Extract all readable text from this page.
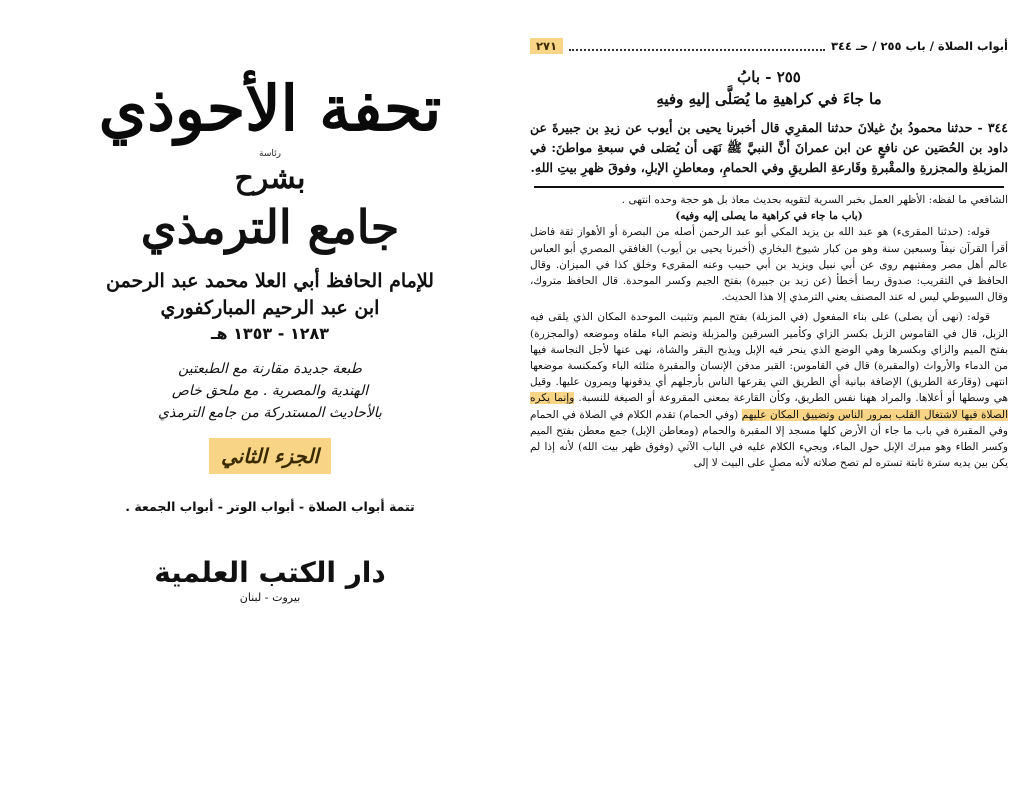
تحفة الأحوذي
رئاسة
بشرح
جامع الترمذي
للإمام الحافظ أبي العلا محمد عبد الرحمن
ابن عبد الرحيم المباركفوري
١٢٨٣ - ١٣٥٣ هـ
طبعة جديدة مقارنة مع الطبعتين
الهندية والمصرية . مع ملحق خاص
بالأحاديث المستدركة من جامع الترمذي
الجزء الثاني
تتمة أبواب الصلاة - أبواب الوتر - أبواب الجمعة .
دار الكتب العلمية
بيروت - لبنان
أبواب الصلاة / باب ٢٥٥ / حـ ٣٤٤
٢٧١
٢٥٥ - بابُ
ما جاءَ في كراهيةِ ما يُصَلَّى إليهِ وفيهِ
٣٤٤ - حدثنا محمودُ بنُ غيلانَ حدثنا المقرِي قال أخبرنا يحيى بن أيوب عن زيدِ بن جبيرةَ عن داود بن الحُصَين عن نافعٍ عن ابن عمرانَ أنَّ النبيَّ ﷺ نَهَى أن يُصَلى في سبعةِ مواطنَ: في المزبلةِ والمجزرةِ والمقْبرةِ وقَارعةِ الطريقِ وفي الحمامِ، ومعاطنِ الإبلِ، وفوقَ ظهرِ بيتِ اللهِ.

الشافعي ما لفظه: الأظهر العمل بخبر السرية لتقويه بحديث معاذ بل هو حجة وحده انتهى .

(باب ما جاء في كراهية ما يصلى إليه وفيه)

قوله: (حدثنا المقرىء) هو عبد الله بن يزيد المكي أبو عبد الرحمن أصله من البصرة أو الأهواز ثقة فاضل أقرأ القرآن نيفاً وسبعين سنة وهو من كبار شيوخ البخاري (أخبرنا يحيى بن أيوب) الغافقي المصري أبو العباس عالم أهل مصر ومفتيهم روى عن أبي نبيل ويزيد بن أبي حبيب وعنه المقرىء وخلق كذا في الميزان. وقال الحافظ في التقريب: صدوق ربما أخطأ (عن زيد بن جبيرة) بفتح الجيم وكسر الموحدة. قال الحافظ متروك، وقال السيوطي ليس له عند المصنف يعني الترمذي إلا هذا الحديث.

قوله: (نهى أن يصلى) على بناء المفعول (في المزبلة) بفتح الميم وتثبيت الموحدة المكان الذي يلقى فيه الزبل، قال في القاموس الزبل بكسر الزاي وكأمير السرقين والمزبلة وتضم الباء ملقاه وموضعه (والمجزرة) بفتح الميم والزاي وبكسرها وهي الوضع الذي ينحر فيه الإبل ويذبح البقر والشاة، نهى عنها لأجل النجاسة فيها من الدماء والأرواث (والمقبرة) قال في القاموس: القبر مدفن الإنسان والمقبرة مثلثه الباء وكمكنسة موضعها انتهى (وقارعة الطريق) الإضافة بيانية أي الطريق التي يقرعها الناس بأرجلهم أي يدقونها ويمرون عليها. وقيل هي وسطها أو أعلاها. والمراد ههنا نفس الطريق، وكأن القارعة بمعنى المقروعة أو الصيغة للنسبة. وإنما يكره الصلاة فيها لاشتغال القلب بمرور الناس وتضييق المكان عليهم (وفي الحمام) تقدم الكلام في الصلاة في الحمام وفي المقبرة في باب ما جاء أن الأرض كلها مسجد إلا المقبرة والحمام (ومعاطن الإبل) جمع معطن بفتح الميم وكسر الطاء وهو مبرك الإبل حول الماء، ويجيء الكلام عليه في الباب الآتي (وفوق ظهر بيت الله) لأنه إذا لم يكن بين يديه سترة ثابتة تستره لم تصح صلاته لأنه مصلٍ على البيت لا إلى
